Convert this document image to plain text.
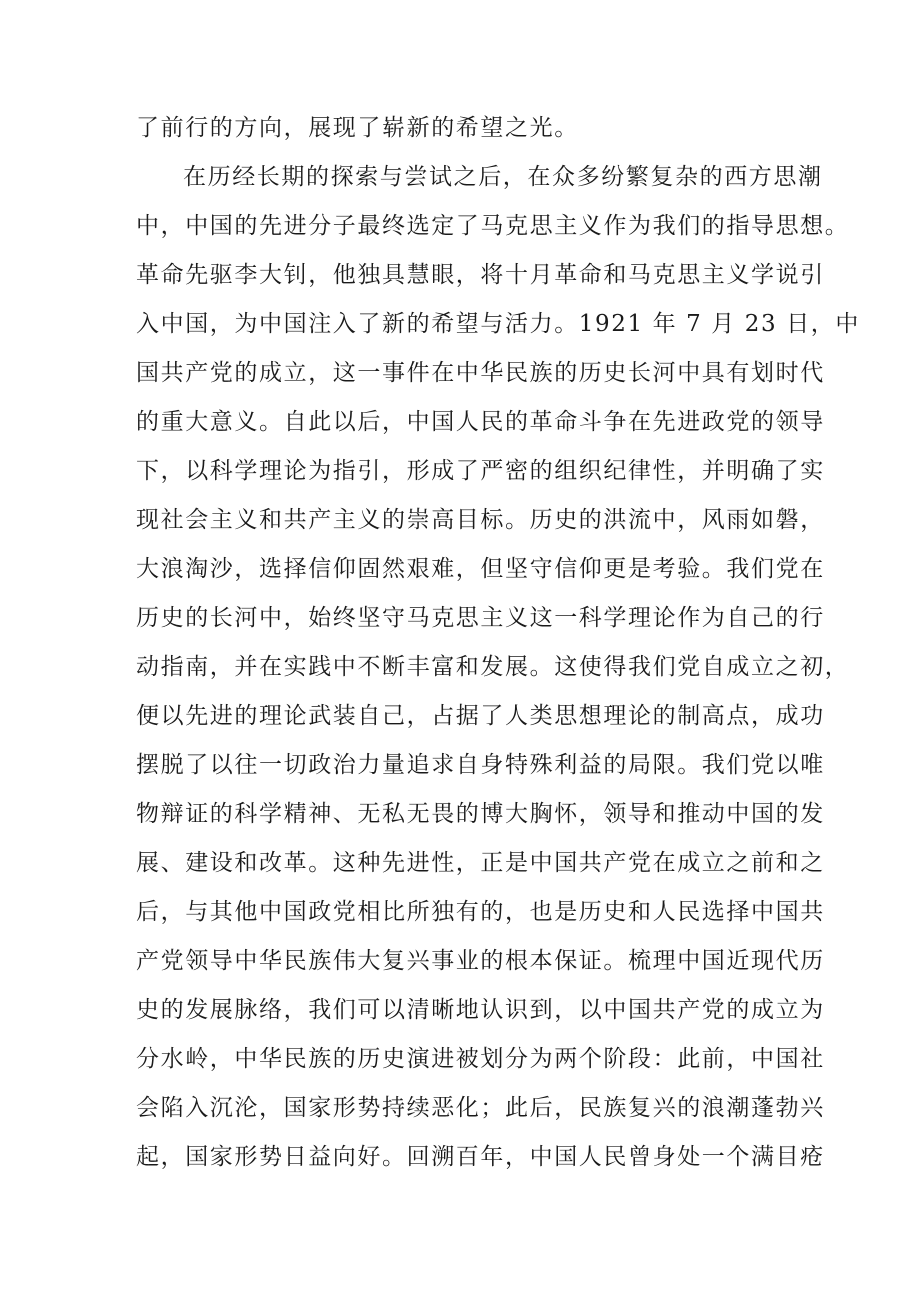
了前行的方向，展现了崭新的希望之光。
在历经长期的探索与尝试之后，在众多纷繁复杂的西方思潮
中，中国的先进分子最终选定了马克思主义作为我们的指导思想。
革命先驱李大钊，他独具慧眼，将十月革命和马克思主义学说引
入中国，为中国注入了新的希望与活力。1921 年 7 月 23 日，中
国共产党的成立，这一事件在中华民族的历史长河中具有划时代
的重大意义。自此以后，中国人民的革命斗争在先进政党的领导
下，以科学理论为指引，形成了严密的组织纪律性，并明确了实
现社会主义和共产主义的崇高目标。历史的洪流中，风雨如磐，
大浪淘沙，选择信仰固然艰难，但坚守信仰更是考验。我们党在
历史的长河中，始终坚守马克思主义这一科学理论作为自己的行
动指南，并在实践中不断丰富和发展。这使得我们党自成立之初，
便以先进的理论武装自己，占据了人类思想理论的制高点，成功
摆脱了以往一切政治力量追求自身特殊利益的局限。我们党以唯
物辩证的科学精神、无私无畏的博大胸怀，领导和推动中国的发
展、建设和改革。这种先进性，正是中国共产党在成立之前和之
后，与其他中国政党相比所独有的，也是历史和人民选择中国共
产党领导中华民族伟大复兴事业的根本保证。梳理中国近现代历
史的发展脉络，我们可以清晰地认识到，以中国共产党的成立为
分水岭，中华民族的历史演进被划分为两个阶段：此前，中国社
会陷入沉沦，国家形势持续恶化；此后，民族复兴的浪潮蓬勃兴
起，国家形势日益向好。回溯百年，中国人民曾身处一个满目疮
